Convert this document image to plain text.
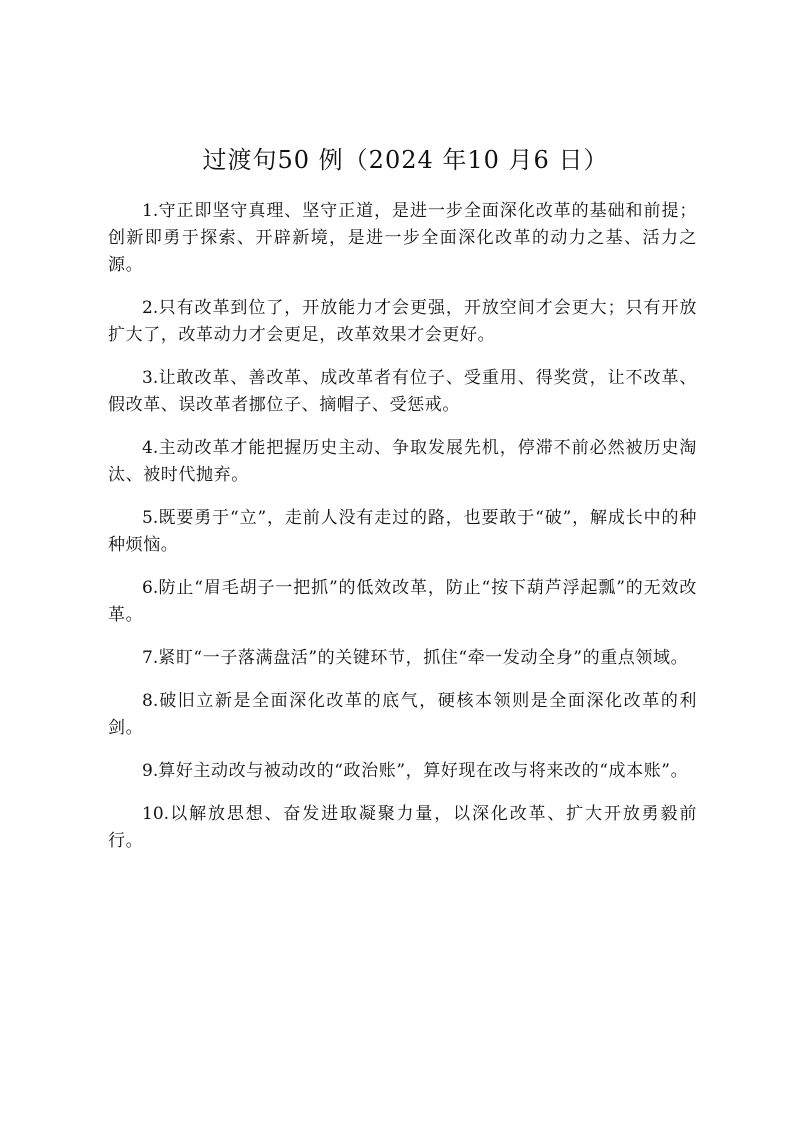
过渡句50 例（2024 年10 月6 日）

1.守正即坚守真理、坚守正道，是进一步全面深化改革的基础和前提；创新即勇于探索、开辟新境，是进一步全面深化改革的动力之基、活力之源。

2.只有改革到位了，开放能力才会更强，开放空间才会更大；只有开放扩大了，改革动力才会更足，改革效果才会更好。

3.让敢改革、善改革、成改革者有位子、受重用、得奖赏，让不改革、假改革、误改革者挪位子、摘帽子、受惩戒。

4.主动改革才能把握历史主动、争取发展先机，停滞不前必然被历史淘汰、被时代抛弃。

5.既要勇于“立”，走前人没有走过的路，也要敢于“破”，解成长中的种种烦恼。

6.防止“眉毛胡子一把抓”的低效改革，防止“按下葫芦浮起瓢”的无效改革。

7.紧盯“一子落满盘活”的关键环节，抓住“牵一发动全身”的重点领域。

8.破旧立新是全面深化改革的底气，硬核本领则是全面深化改革的利剑。

9.算好主动改与被动改的“政治账”，算好现在改与将来改的“成本账”。

10.以解放思想、奋发进取凝聚力量，以深化改革、扩大开放勇毅前行。
